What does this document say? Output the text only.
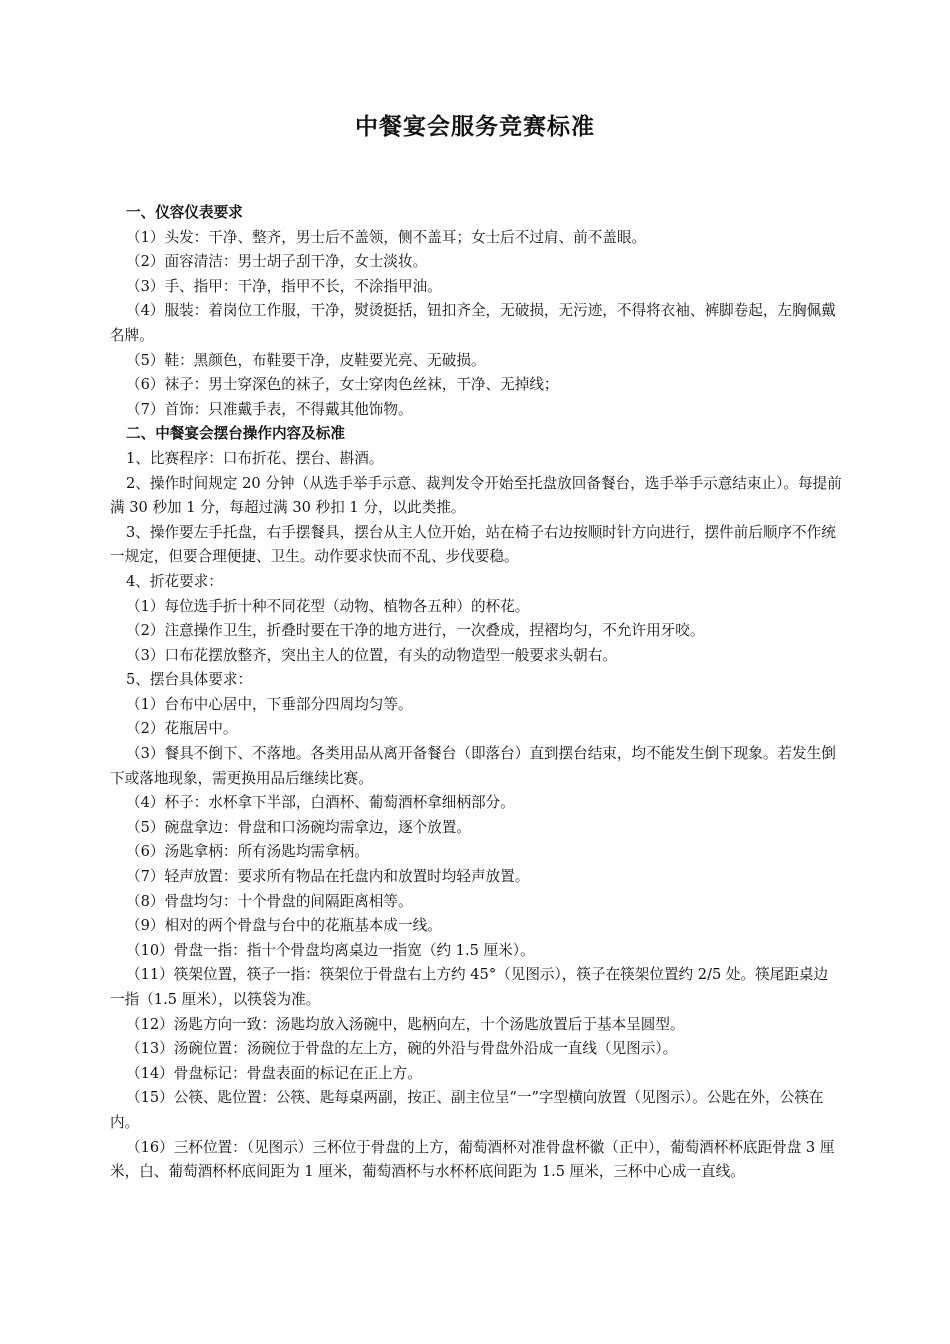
中餐宴会服务竞赛标准

一、仪容仪表要求

（1）头发：干净、整齐，男士后不盖领，侧不盖耳；女士后不过肩、前不盖眼。

（2）面容清洁：男士胡子刮干净，女士淡妆。

（3）手、指甲：干净，指甲不长，不涂指甲油。

（4）服装：着岗位工作服，干净，熨烫挺括，钮扣齐全，无破损，无污迹，不得将衣袖、裤脚卷起，左胸佩戴名牌。

（5）鞋：黑颜色，布鞋要干净，皮鞋要光亮、无破损。

（6）袜子：男士穿深色的袜子，女士穿肉色丝袜，干净、无掉线；

（7）首饰：只准戴手表，不得戴其他饰物。

二、中餐宴会摆台操作内容及标准

1、比赛程序：口布折花、摆台、斟酒。

2、操作时间规定 20 分钟（从选手举手示意、裁判发令开始至托盘放回备餐台，选手举手示意结束止）。每提前满 30 秒加 1 分，每超过满 30 秒扣 1 分，以此类推。

3、操作要左手托盘，右手摆餐具，摆台从主人位开始，站在椅子右边按顺时针方向进行，摆件前后顺序不作统一规定，但要合理便捷、卫生。动作要求快而不乱、步伐要稳。

4、折花要求：

（1）每位选手折十种不同花型（动物、植物各五种）的杯花。

（2）注意操作卫生，折叠时要在干净的地方进行，一次叠成，捏褶均匀，不允许用牙咬。

（3）口布花摆放整齐，突出主人的位置，有头的动物造型一般要求头朝右。

5、摆台具体要求：

（1）台布中心居中，下垂部分四周均匀等。

（2）花瓶居中。

（3）餐具不倒下、不落地。各类用品从离开备餐台（即落台）直到摆台结束，均不能发生倒下现象。若发生倒下或落地现象，需更换用品后继续比赛。

（4）杯子：水杯拿下半部，白酒杯、葡萄酒杯拿细柄部分。

（5）碗盘拿边：骨盘和口汤碗均需拿边，逐个放置。

（6）汤匙拿柄：所有汤匙均需拿柄。

（7）轻声放置：要求所有物品在托盘内和放置时均轻声放置。

（8）骨盘均匀：十个骨盘的间隔距离相等。

（9）相对的两个骨盘与台中的花瓶基本成一线。

（10）骨盘一指：指十个骨盘均离桌边一指宽（约 1.5 厘米）。

（11）筷架位置，筷子一指：筷架位于骨盘右上方约 45°（见图示），筷子在筷架位置约 2/5 处。筷尾距桌边一指（1.5 厘米），以筷袋为准。

（12）汤匙方向一致：汤匙均放入汤碗中，匙柄向左，十个汤匙放置后于基本呈圆型。

（13）汤碗位置：汤碗位于骨盘的左上方，碗的外沿与骨盘外沿成一直线（见图示）。

（14）骨盘标记：骨盘表面的标记在正上方。

（15）公筷、匙位置：公筷、匙每桌两副，按正、副主位呈“一”字型横向放置（见图示）。公匙在外，公筷在内。

（16）三杯位置：（见图示）三杯位于骨盘的上方，葡萄酒杯对准骨盘杯徽（正中），葡萄酒杯杯底距骨盘 3 厘米，白、葡萄酒杯杯底间距为 1 厘米，葡萄酒杯与水杯杯底间距为 1.5 厘米，三杯中心成一直线。
